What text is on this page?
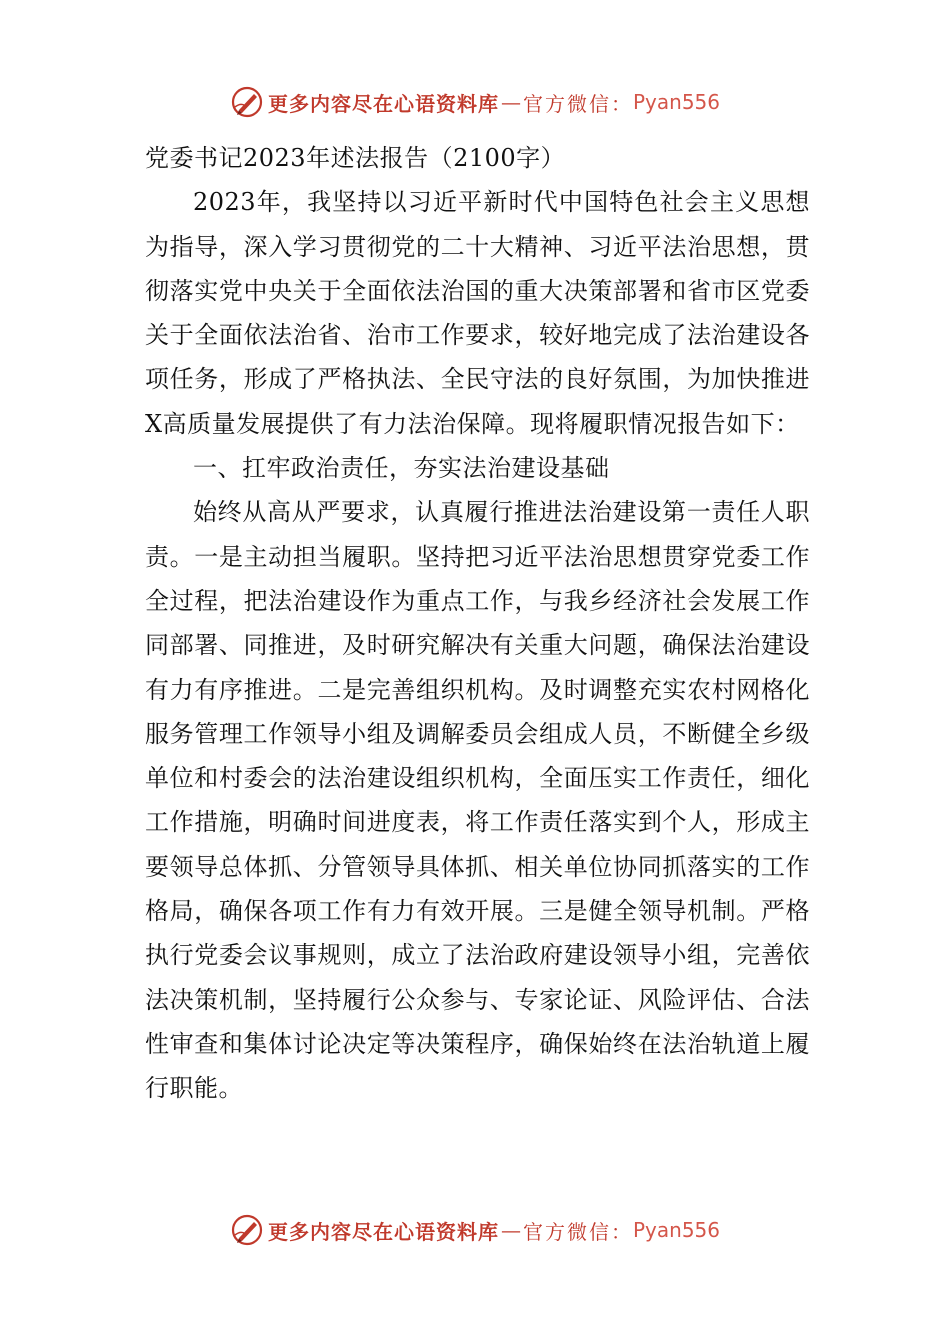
更多内容尽在心语资料库 — 官方微信： Pyan556

党委书记2023年述法报告（2100字）

2023年，我坚持以习近平新时代中国特色社会主义思想为指导，深入学习贯彻党的二十大精神、习近平法治思想，贯彻落实党中央关于全面依法治国的重大决策部署和省市区党委关于全面依法治省、治市工作要求，较好地完成了法治建设各项任务，形成了严格执法、全民守法的良好氛围，为加快推进X高质量发展提供了有力法治保障。现将履职情况报告如下：

一、扛牢政治责任，夯实法治建设基础

始终从高从严要求，认真履行推进法治建设第一责任人职责。一是主动担当履职。坚持把习近平法治思想贯穿党委工作全过程，把法治建设作为重点工作，与我乡经济社会发展工作同部署、同推进，及时研究解决有关重大问题，确保法治建设有力有序推进。二是完善组织机构。及时调整充实农村网格化服务管理工作领导小组及调解委员会组成人员，不断健全乡级单位和村委会的法治建设组织机构，全面压实工作责任，细化工作措施，明确时间进度表，将工作责任落实到个人，形成主要领导总体抓、分管领导具体抓、相关单位协同抓落实的工作格局，确保各项工作有力有效开展。三是健全领导机制。严格执行党委会议事规则，成立了法治政府建设领导小组，完善依法决策机制，坚持履行公众参与、专家论证、风险评估、合法性审查和集体讨论决定等决策程序，确保始终在法治轨道上履行职能。

更多内容尽在心语资料库 — 官方微信： Pyan556
